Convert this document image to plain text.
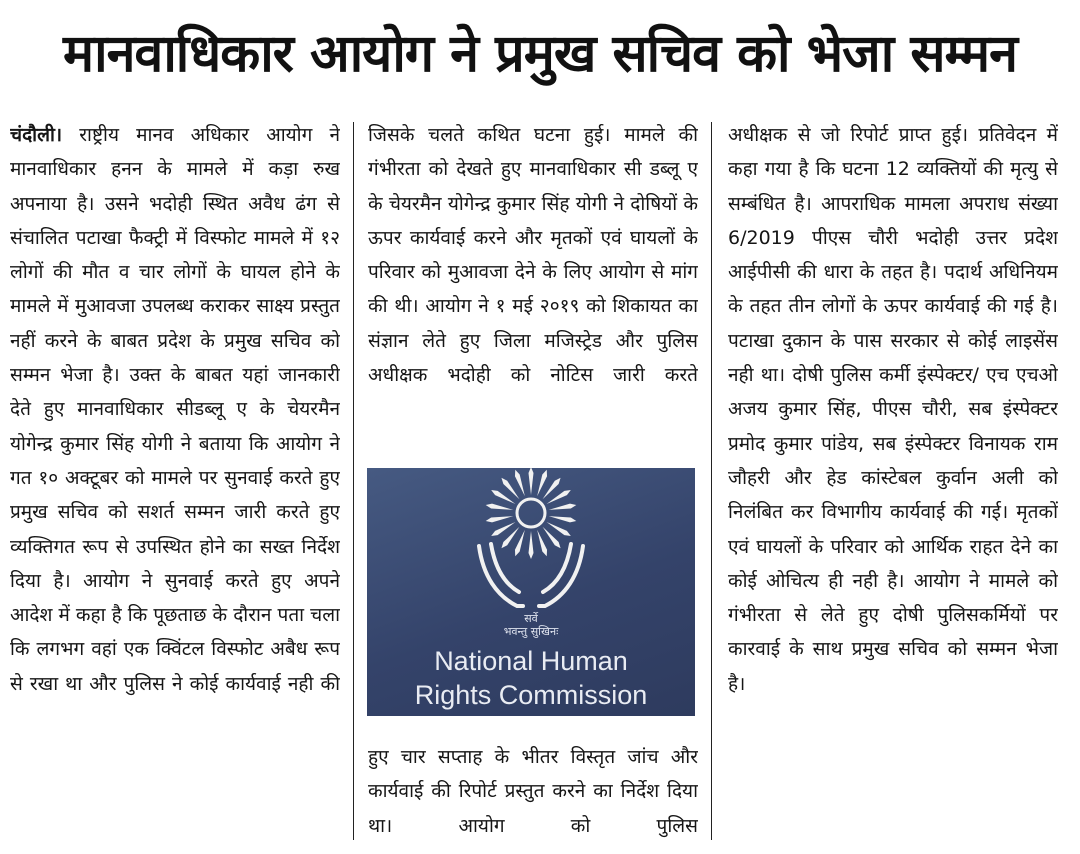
मानवाधिकार आयोग ने प्रमुख सचिव को भेजा सम्मन

चंदौली। राष्ट्रीय मानव अधिकार आयोग ने मानवाधिकार हनन के मामले में कड़ा रुख अपनाया है। उसने भदोही स्थित अवैध ढंग से संचालित पटाखा फैक्ट्री में विस्फोट मामले में १२ लोगों की मौत व चार लोगों के घायल होने के मामले में मुआवजा उपलब्ध कराकर साक्ष्य प्रस्तुत नहीं करने के बाबत प्रदेश के प्रमुख सचिव को सम्मन भेजा है। उक्त के बाबत यहां जानकारी देते हुए मानवाधिकार सीडब्लू ए के चेयरमैन योगेन्द्र कुमार सिंह योगी ने बताया कि आयोग ने गत १० अक्टूबर को मामले पर सुनवाई करते हुए प्रमुख सचिव को सशर्त सम्मन जारी करते हुए व्यक्तिगत रूप से उपस्थित होने का सख्त निर्देश दिया है। आयोग ने सुनवाई करते हुए अपने आदेश में कहा है कि पूछताछ के दौरान पता चला कि लगभग वहां एक क्विंटल विस्फोट अबैध रूप से रखा था और पुलिस ने कोई कार्यवाई नही की

जिसके चलते कथित घटना हुई। मामले की गंभीरता को देखते हुए मानवाधिकार सी डब्लू ए के चेयरमैन योगेन्द्र कुमार सिंह योगी ने दोषियों के ऊपर कार्यवाई करने और मृतकों एवं घायलों के परिवार को मुआवजा देने के लिए आयोग से मांग की थी। आयोग ने १ मई २०१९ को शिकायत का संज्ञान लेते हुए जिला मजिस्ट्रेड और पुलिस अधीक्षक भदोही को नोटिस जारी करते

सर्वे
भवन्तु सुखिनः
National Human
Rights Commission

हुए चार सप्ताह के भीतर विस्तृत जांच और कार्यवाई की रिपोर्ट प्रस्तुत करने का निर्देश दिया था। आयोग को पुलिस

अधीक्षक से जो रिपोर्ट प्राप्त हुई। प्रतिवेदन में कहा गया है कि घटना 12 व्यक्तियों की मृत्यु से सम्बंधित है। आपराधिक मामला अपराध संख्या 6/2019 पीएस चौरी भदोही उत्तर प्रदेश आईपीसी की धारा के तहत है। पदार्थ अधिनियम के तहत तीन लोगों के ऊपर कार्यवाई की गई है। पटाखा दुकान के पास सरकार से कोई लाइसेंस नही था। दोषी पुलिस कर्मी इंस्पेक्टर/ एच एचओ अजय कुमार सिंह, पीएस चौरी, सब इंस्पेक्टर प्रमोद कुमार पांडेय, सब इंस्पेक्टर विनायक राम जौहरी और हेड कांस्टेबल कुर्वान अली को निलंबित कर विभागीय कार्यवाई की गई। मृतकों एवं घायलों के परिवार को आर्थिक राहत देने का कोई ओचित्य ही नही है। आयोग ने मामले को गंभीरता से लेते हुए दोषी पुलिसकर्मियों पर कारवाई के साथ प्रमुख सचिव को सम्मन भेजा है।
